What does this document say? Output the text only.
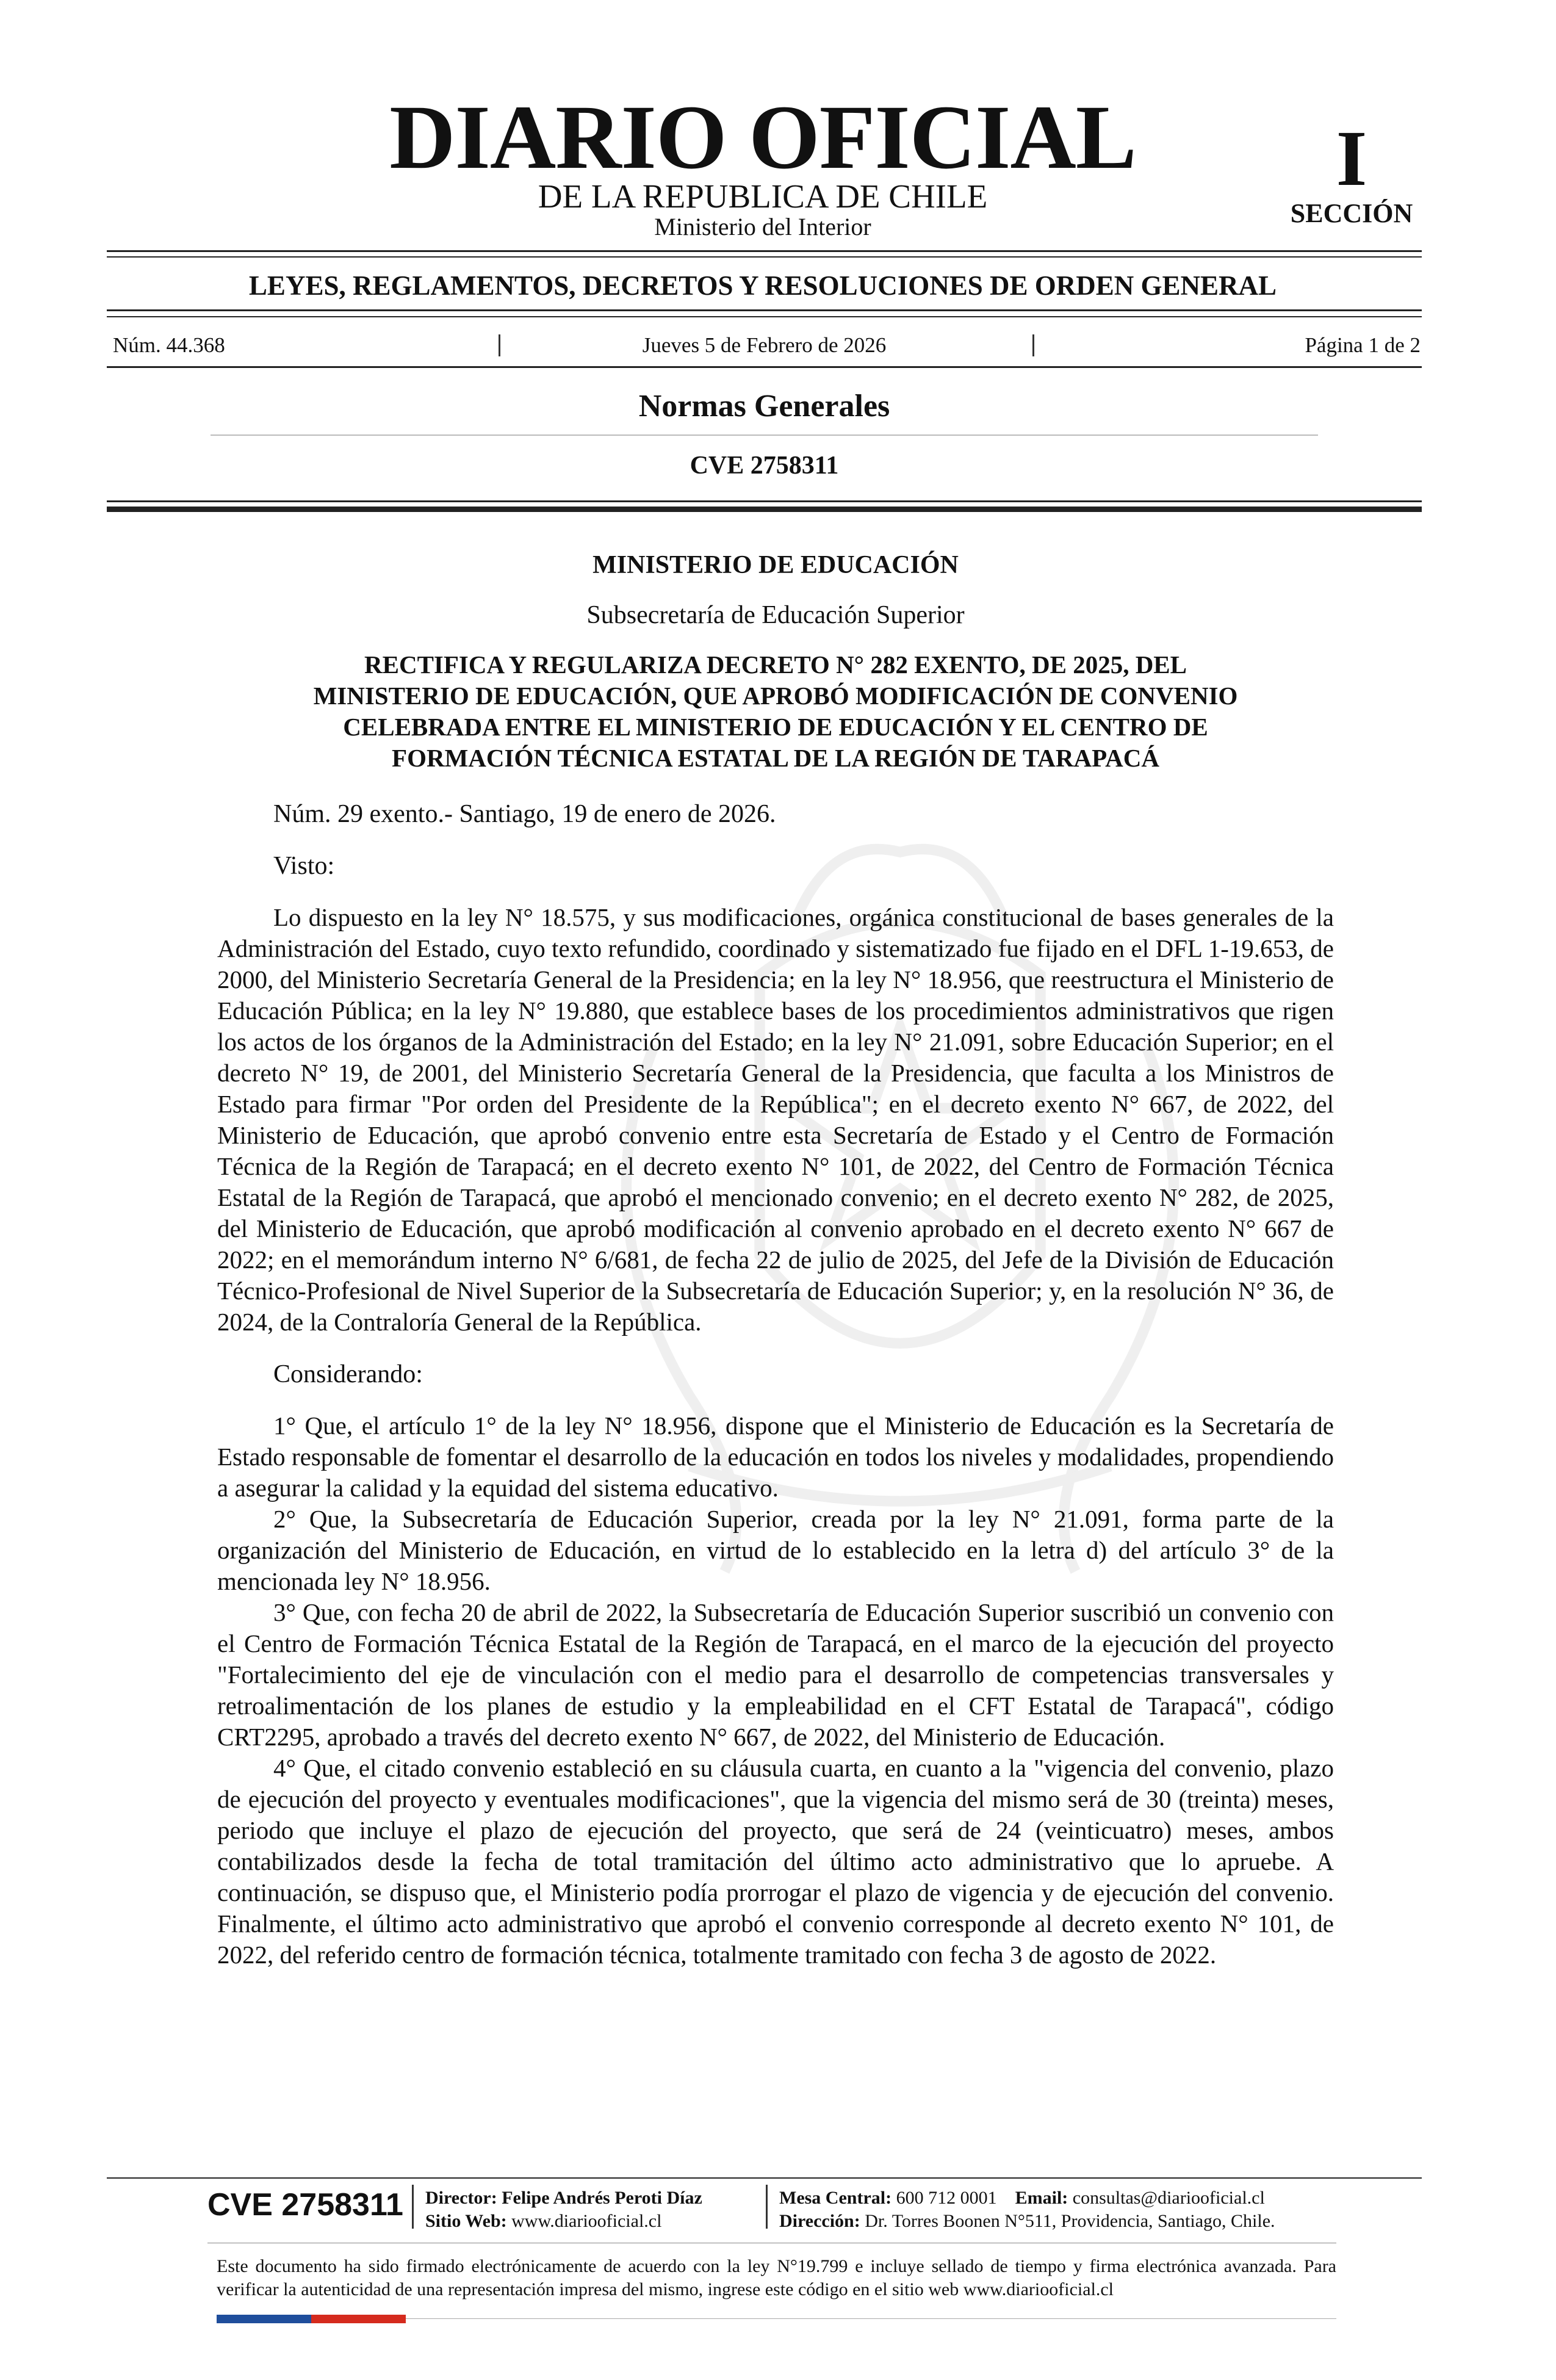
DIARIO OFICIAL
DE LA REPUBLICA DE CHILE
Ministerio del Interior
I
SECCIÓN
LEYES, REGLAMENTOS, DECRETOS Y RESOLUCIONES DE ORDEN GENERAL
Núm. 44.368	Jueves 5 de Febrero de 2026	Página 1 de 2
Normas Generales
CVE 2758311

MINISTERIO DE EDUCACIÓN

Subsecretaría de Educación Superior

RECTIFICA Y REGULARIZA DECRETO N° 282 EXENTO, DE 2025, DEL

MINISTERIO DE EDUCACIÓN, QUE APROBÓ MODIFICACIÓN DE CONVENIO

CELEBRADA ENTRE EL MINISTERIO DE EDUCACIÓN Y EL CENTRO DE

FORMACIÓN TÉCNICA ESTATAL DE LA REGIÓN DE TARAPACÁ

Núm. 29 exento.- Santiago, 19 de enero de 2026.

Visto:

Lo dispuesto en la ley N° 18.575, y sus modificaciones, orgánica constitucional de bases generales de la Administración del Estado, cuyo texto refundido, coordinado y sistematizado fue fijado en el DFL 1-19.653, de 2000, del Ministerio Secretaría General de la Presidencia; en la ley N° 18.956, que reestructura el Ministerio de Educación Pública; en la ley N° 19.880, que establece bases de los procedimientos administrativos que rigen los actos de los órganos de la Administración del Estado; en la ley N° 21.091, sobre Educación Superior; en el decreto N° 19, de 2001, del Ministerio Secretaría General de la Presidencia, que faculta a los Ministros de Estado para firmar "Por orden del Presidente de la República"; en el decreto exento N° 667, de 2022, del Ministerio de Educación, que aprobó convenio entre esta Secretaría de Estado y el Centro de Formación Técnica de la Región de Tarapacá; en el decreto exento N° 101, de 2022, del Centro de Formación Técnica Estatal de la Región de Tarapacá, que aprobó el mencionado convenio; en el decreto exento N° 282, de 2025, del Ministerio de Educación, que aprobó modificación al convenio aprobado en el decreto exento N° 667 de 2022; en el memorándum interno N° 6/681, de fecha 22 de julio de 2025, del Jefe de la División de Educación Técnico-Profesional de Nivel Superior de la Subsecretaría de Educación Superior; y, en la resolución N° 36, de 2024, de la Contraloría General de la República.

Considerando:

1° Que, el artículo 1° de la ley N° 18.956, dispone que el Ministerio de Educación es la Secretaría de Estado responsable de fomentar el desarrollo de la educación en todos los niveles y modalidades, propendiendo a asegurar la calidad y la equidad del sistema educativo.

2° Que, la Subsecretaría de Educación Superior, creada por la ley N° 21.091, forma parte de la organización del Ministerio de Educación, en virtud de lo establecido en la letra d) del artículo 3° de la mencionada ley N° 18.956.

3° Que, con fecha 20 de abril de 2022, la Subsecretaría de Educación Superior suscribió un convenio con el Centro de Formación Técnica Estatal de la Región de Tarapacá, en el marco de la ejecución del proyecto "Fortalecimiento del eje de vinculación con el medio para el desarrollo de competencias transversales y retroalimentación de los planes de estudio y la empleabilidad en el CFT Estatal de Tarapacá", código CRT2295, aprobado a través del decreto exento N° 667, de 2022, del Ministerio de Educación.

4° Que, el citado convenio estableció en su cláusula cuarta, en cuanto a la "vigencia del convenio, plazo de ejecución del proyecto y eventuales modificaciones", que la vigencia del mismo será de 30 (treinta) meses, periodo que incluye el plazo de ejecución del proyecto, que será de 24 (veinticuatro) meses, ambos contabilizados desde la fecha de total tramitación del último acto administrativo que lo apruebe. A continuación, se dispuso que, el Ministerio podía prorrogar el plazo de vigencia y de ejecución del convenio. Finalmente, el último acto administrativo que aprobó el convenio corresponde al decreto exento N° 101, de 2022, del referido centro de formación técnica, totalmente tramitado con fecha 3 de agosto de 2022.

CVE 2758311 Director: Felipe Andrés Peroti Díaz
Sitio Web: www.diariooficial.cl
Mesa Central: 600 712 0001 Email: consultas@diariooficial.cl
Dirección: Dr. Torres Boonen N°511, Providencia, Santiago, Chile.
Este documento ha sido firmado electrónicamente de acuerdo con la ley N°19.799 e incluye sellado de tiempo y firma electrónica avanzada. Para verificar la autenticidad de una representación impresa del mismo, ingrese este código en el sitio web www.diariooficial.cl
